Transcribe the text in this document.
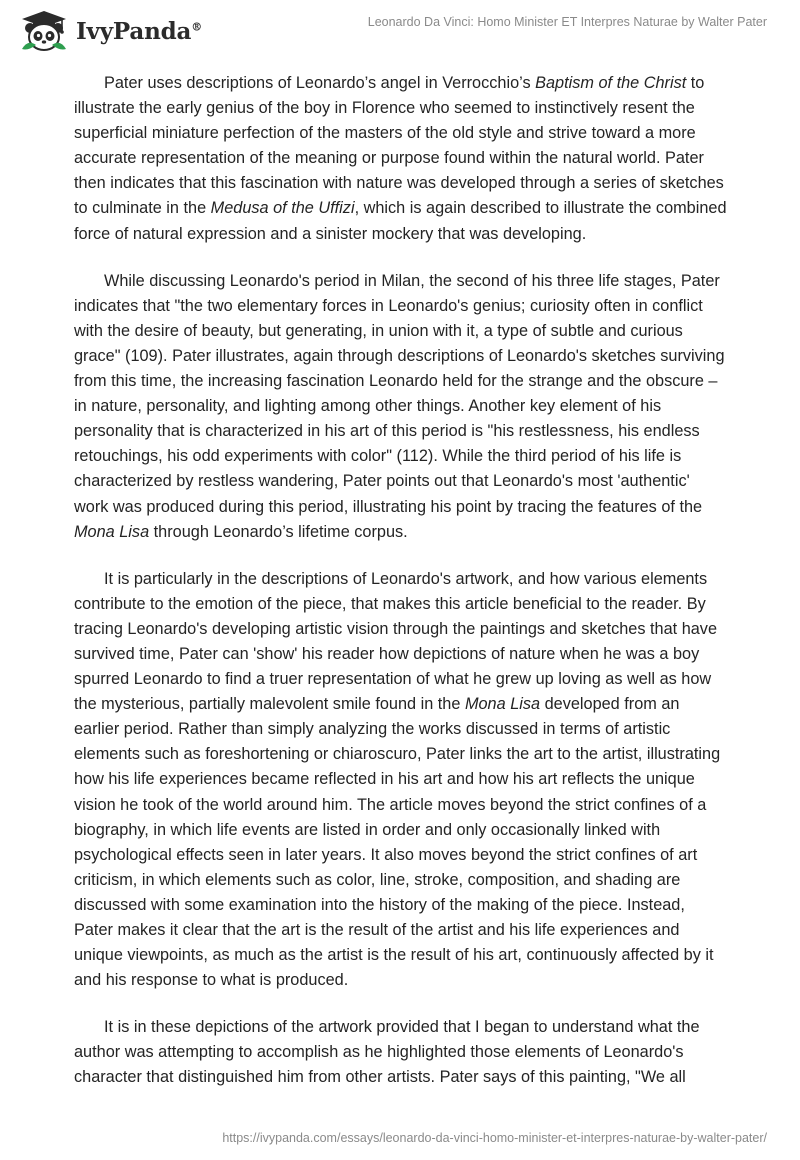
IvyPanda®	Leonardo Da Vinci: Homo Minister ET Interpres Naturae by Walter Pater

Pater uses descriptions of Leonardo’s angel in Verrocchio’s Baptism of the Christ to illustrate the early genius of the boy in Florence who seemed to instinctively resent the superficial miniature perfection of the masters of the old style and strive toward a more accurate representation of the meaning or purpose found within the natural world. Pater then indicates that this fascination with nature was developed through a series of sketches to culminate in the Medusa of the Uffizi, which is again described to illustrate the combined force of natural expression and a sinister mockery that was developing.

While discussing Leonardo's period in Milan, the second of his three life stages, Pater indicates that "the two elementary forces in Leonardo's genius; curiosity often in conflict with the desire of beauty, but generating, in union with it, a type of subtle and curious grace" (109). Pater illustrates, again through descriptions of Leonardo's sketches surviving from this time, the increasing fascination Leonardo held for the strange and the obscure – in nature, personality, and lighting among other things. Another key element of his personality that is characterized in his art of this period is "his restlessness, his endless retouchings, his odd experiments with color" (112). While the third period of his life is characterized by restless wandering, Pater points out that Leonardo's most 'authentic' work was produced during this period, illustrating his point by tracing the features of the Mona Lisa through Leonardo’s lifetime corpus.

It is particularly in the descriptions of Leonardo's artwork, and how various elements contribute to the emotion of the piece, that makes this article beneficial to the reader. By tracing Leonardo's developing artistic vision through the paintings and sketches that have survived time, Pater can 'show' his reader how depictions of nature when he was a boy spurred Leonardo to find a truer representation of what he grew up loving as well as how the mysterious, partially malevolent smile found in the Mona Lisa developed from an earlier period. Rather than simply analyzing the works discussed in terms of artistic elements such as foreshortening or chiaroscuro, Pater links the art to the artist, illustrating how his life experiences became reflected in his art and how his art reflects the unique vision he took of the world around him. The article moves beyond the strict confines of a biography, in which life events are listed in order and only occasionally linked with psychological effects seen in later years. It also moves beyond the strict confines of art criticism, in which elements such as color, line, stroke, composition, and shading are discussed with some examination into the history of the making of the piece. Instead, Pater makes it clear that the art is the result of the artist and his life experiences and unique viewpoints, as much as the artist is the result of his art, continuously affected by it and his response to what is produced.

It is in these depictions of the artwork provided that I began to understand what the author was attempting to accomplish as he highlighted those elements of Leonardo's character that distinguished him from other artists. Pater says of this painting, "We all

https://ivypanda.com/essays/leonardo-da-vinci-homo-minister-et-interpres-naturae-by-walter-pater/
